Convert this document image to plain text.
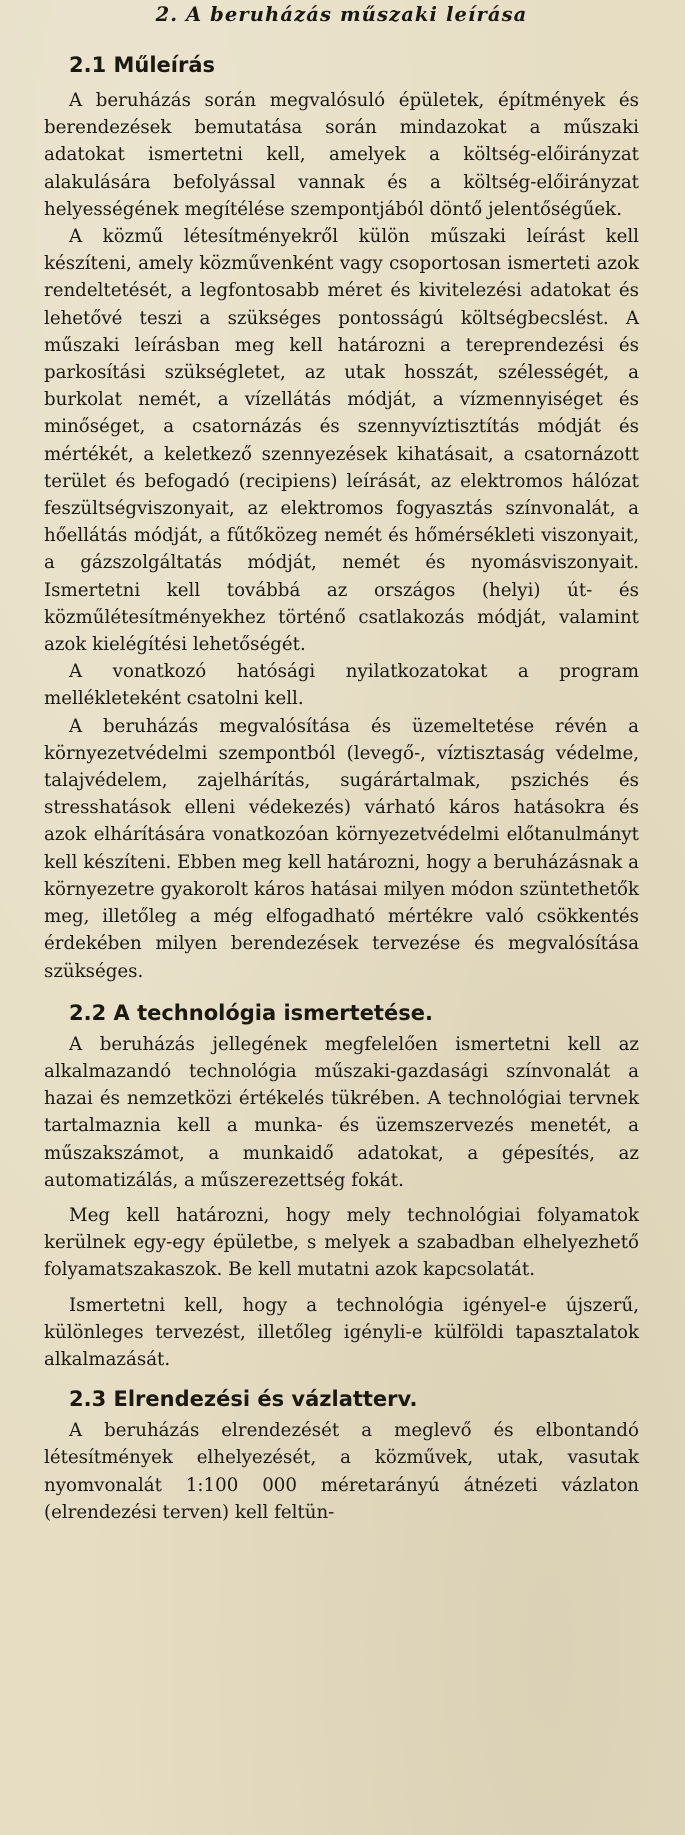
2. A beruházás műszaki leírása
2.1 Műleírás

A beruházás során megvalósuló épületek, építmények és berendezések bemutatása során mindazokat a műszaki adatokat ismertetni kell, amelyek a költség-előirányzat alakulására befolyással vannak és a költség-előirányzat helyességének megítélése szempontjából döntő jelentőségűek.

A közmű létesítményekről külön műszaki leírást kell készíteni, amely közművenként vagy csoportosan ismerteti azok rendeltetését, a legfontosabb méret és kivitelezési adatokat és lehetővé teszi a szükséges pontosságú költségbecslést. A műszaki leírásban meg kell határozni a tereprendezési és parkosítási szükségletet, az utak hosszát, szélességét, a burkolat nemét, a vízellátás módját, a vízmennyiséget és minőséget, a csatornázás és szennyvíztisztítás módját és mértékét, a keletkező szennyezések kihatásait, a csatornázott terület és befogadó (recipiens) leírását, az elektromos hálózat feszültségviszonyait, az elektromos fogyasztás színvonalát, a hőellátás módját, a fűtőközeg nemét és hőmérsékleti viszonyait, a gázszolgáltatás módját, nemét és nyomásviszonyait. Ismertetni kell továbbá az országos (helyi) út- és közműlétesítményekhez történő csatlakozás módját, valamint azok kielégítési lehetőségét.

A vonatkozó hatósági nyilatkozatokat a program mellékleteként csatolni kell.

A beruházás megvalósítása és üzemeltetése révén a környezetvédelmi szempontból (levegő-, víztisztaság védelme, talajvédelem, zajelhárítás, sugárártalmak, pszichés és stresshatások elleni védekezés) várható káros hatásokra és azok elhárítására vonatkozóan környezetvédelmi előtanulmányt kell készíteni. Ebben meg kell határozni, hogy a beruházásnak a környezetre gyakorolt káros hatásai milyen módon szüntethetők meg, illetőleg a még elfogadható mértékre való csökkentés érdekében milyen berendezések tervezése és megvalósítása szükséges.

2.2 A technológia ismertetése.

A beruházás jellegének megfelelően ismertetni kell az alkalmazandó technológia műszaki-gazdasági színvonalát a hazai és nemzetközi értékelés tükrében. A technológiai tervnek tartalmaznia kell a munka- és üzemszervezés menetét, a műszakszámot, a munkaidő adatokat, a gépesítés, az automatizálás, a műszerezettség fokát.

Meg kell határozni, hogy mely technológiai folyamatok kerülnek egy-egy épületbe, s melyek a szabadban elhelyezhető folyamatszakaszok. Be kell mutatni azok kapcsolatát.

Ismertetni kell, hogy a technológia igényel-e újszerű, különleges tervezést, illetőleg igényli-e külföldi tapasztalatok alkalmazását.

2.3 Elrendezési és vázlatterv.

A beruházás elrendezését a meglevő és elbontandó létesítmények elhelyezését, a közművek, utak, vasutak nyomvonalát 1:100 000 méretarányú átnézeti vázlaton (elrendezési terven) kell feltün-
